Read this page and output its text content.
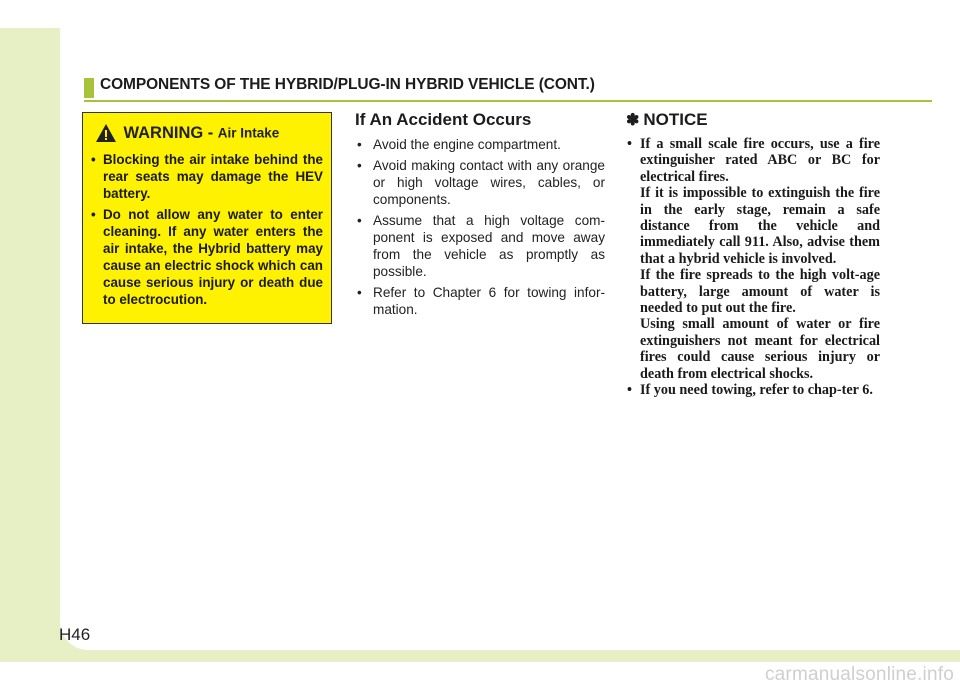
COMPONENTS OF THE HYBRID/PLUG-IN HYBRID VEHICLE (CONT.)
WARNING - Air Intake
• Blocking the air intake behind the rear seats may damage the HEV battery.
• Do not allow any water to enter cleaning. If any water enters the air intake, the Hybrid battery may cause an electric shock which can cause serious injury or death due to electrocution.
If An Accident Occurs
• Avoid the engine compartment.
• Avoid making contact with any orange or high voltage wires, cables, or components.
• Assume that a high voltage com-ponent is exposed and move away from the vehicle as promptly as possible.
• Refer to Chapter 6 for towing infor-mation.
✽ NOTICE
• If a small scale fire occurs, use a fire extinguisher rated ABC or BC for electrical fires.
If it is impossible to extinguish the fire in the early stage, remain a safe distance from the vehicle and immediately call 911. Also, advise them that a hybrid vehicle is involved.
If the fire spreads to the high volt-age battery, large amount of water is needed to put out the fire.
Using small amount of water or fire extinguishers not meant for electrical fires could cause serious injury or death from electrical shocks.
• If you need towing, refer to chap-ter 6.
H46
carmanualsonline.info
